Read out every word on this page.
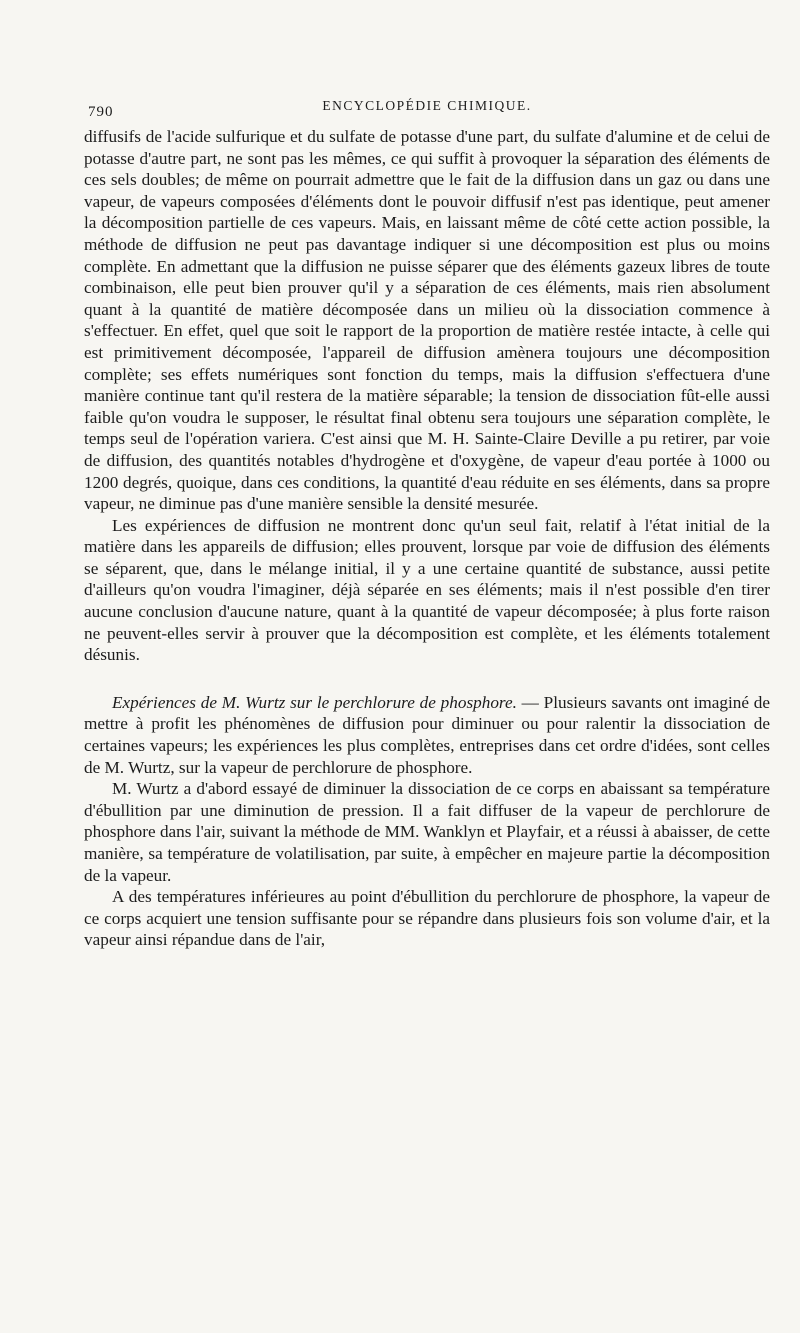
790	ENCYCLOPÉDIE CHIMIQUE.

diffusifs de l'acide sulfurique et du sulfate de potasse d'une part, du sulfate d'alumine et de celui de potasse d'autre part, ne sont pas les mêmes, ce qui suffit à provoquer la séparation des éléments de ces sels doubles; de même on pourrait admettre que le fait de la diffusion dans un gaz ou dans une vapeur, de vapeurs composées d'éléments dont le pouvoir diffusif n'est pas identique, peut amener la décomposition partielle de ces vapeurs. Mais, en laissant même de côté cette action possible, la méthode de diffusion ne peut pas davantage indiquer si une décomposition est plus ou moins complète. En admettant que la diffusion ne puisse séparer que des éléments gazeux libres de toute combinaison, elle peut bien prouver qu'il y a séparation de ces éléments, mais rien absolument quant à la quantité de matière décomposée dans un milieu où la dissociation commence à s'effectuer. En effet, quel que soit le rapport de la proportion de matière restée intacte, à celle qui est primitivement décomposée, l'appareil de diffusion amènera toujours une décomposition complète; ses effets numériques sont fonction du temps, mais la diffusion s'effectuera d'une manière continue tant qu'il restera de la matière séparable; la tension de dissociation fût-elle aussi faible qu'on voudra le supposer, le résultat final obtenu sera toujours une séparation complète, le temps seul de l'opération variera. C'est ainsi que M. H. Sainte-Claire Deville a pu retirer, par voie de diffusion, des quantités notables d'hydrogène et d'oxygène, de vapeur d'eau portée à 1000 ou 1200 degrés, quoique, dans ces conditions, la quantité d'eau réduite en ses éléments, dans sa propre vapeur, ne diminue pas d'une manière sensible la densité mesurée.

Les expériences de diffusion ne montrent donc qu'un seul fait, relatif à l'état initial de la matière dans les appareils de diffusion; elles prouvent, lorsque par voie de diffusion des éléments se séparent, que, dans le mélange initial, il y a une certaine quantité de substance, aussi petite d'ailleurs qu'on voudra l'imaginer, déjà séparée en ses éléments; mais il n'est possible d'en tirer aucune conclusion d'aucune nature, quant à la quantité de vapeur décomposée; à plus forte raison ne peuvent-elles servir à prouver que la décomposition est complète, et les éléments totalement désunis.

Expériences de M. Wurtz sur le perchlorure de phosphore. — Plusieurs savants ont imaginé de mettre à profit les phénomènes de diffusion pour diminuer ou pour ralentir la dissociation de certaines vapeurs; les expériences les plus complètes, entreprises dans cet ordre d'idées, sont celles de M. Wurtz, sur la vapeur de perchlorure de phosphore.

M. Wurtz a d'abord essayé de diminuer la dissociation de ce corps en abaissant sa température d'ébullition par une diminution de pression. Il a fait diffuser de la vapeur de perchlorure de phosphore dans l'air, suivant la méthode de MM. Wanklyn et Playfair, et a réussi à abaisser, de cette manière, sa température de volatilisation, par suite, à empêcher en majeure partie la décomposition de la vapeur.

A des températures inférieures au point d'ébullition du perchlorure de phosphore, la vapeur de ce corps acquiert une tension suffisante pour se répandre dans plusieurs fois son volume d'air, et la vapeur ainsi répandue dans de l'air,
